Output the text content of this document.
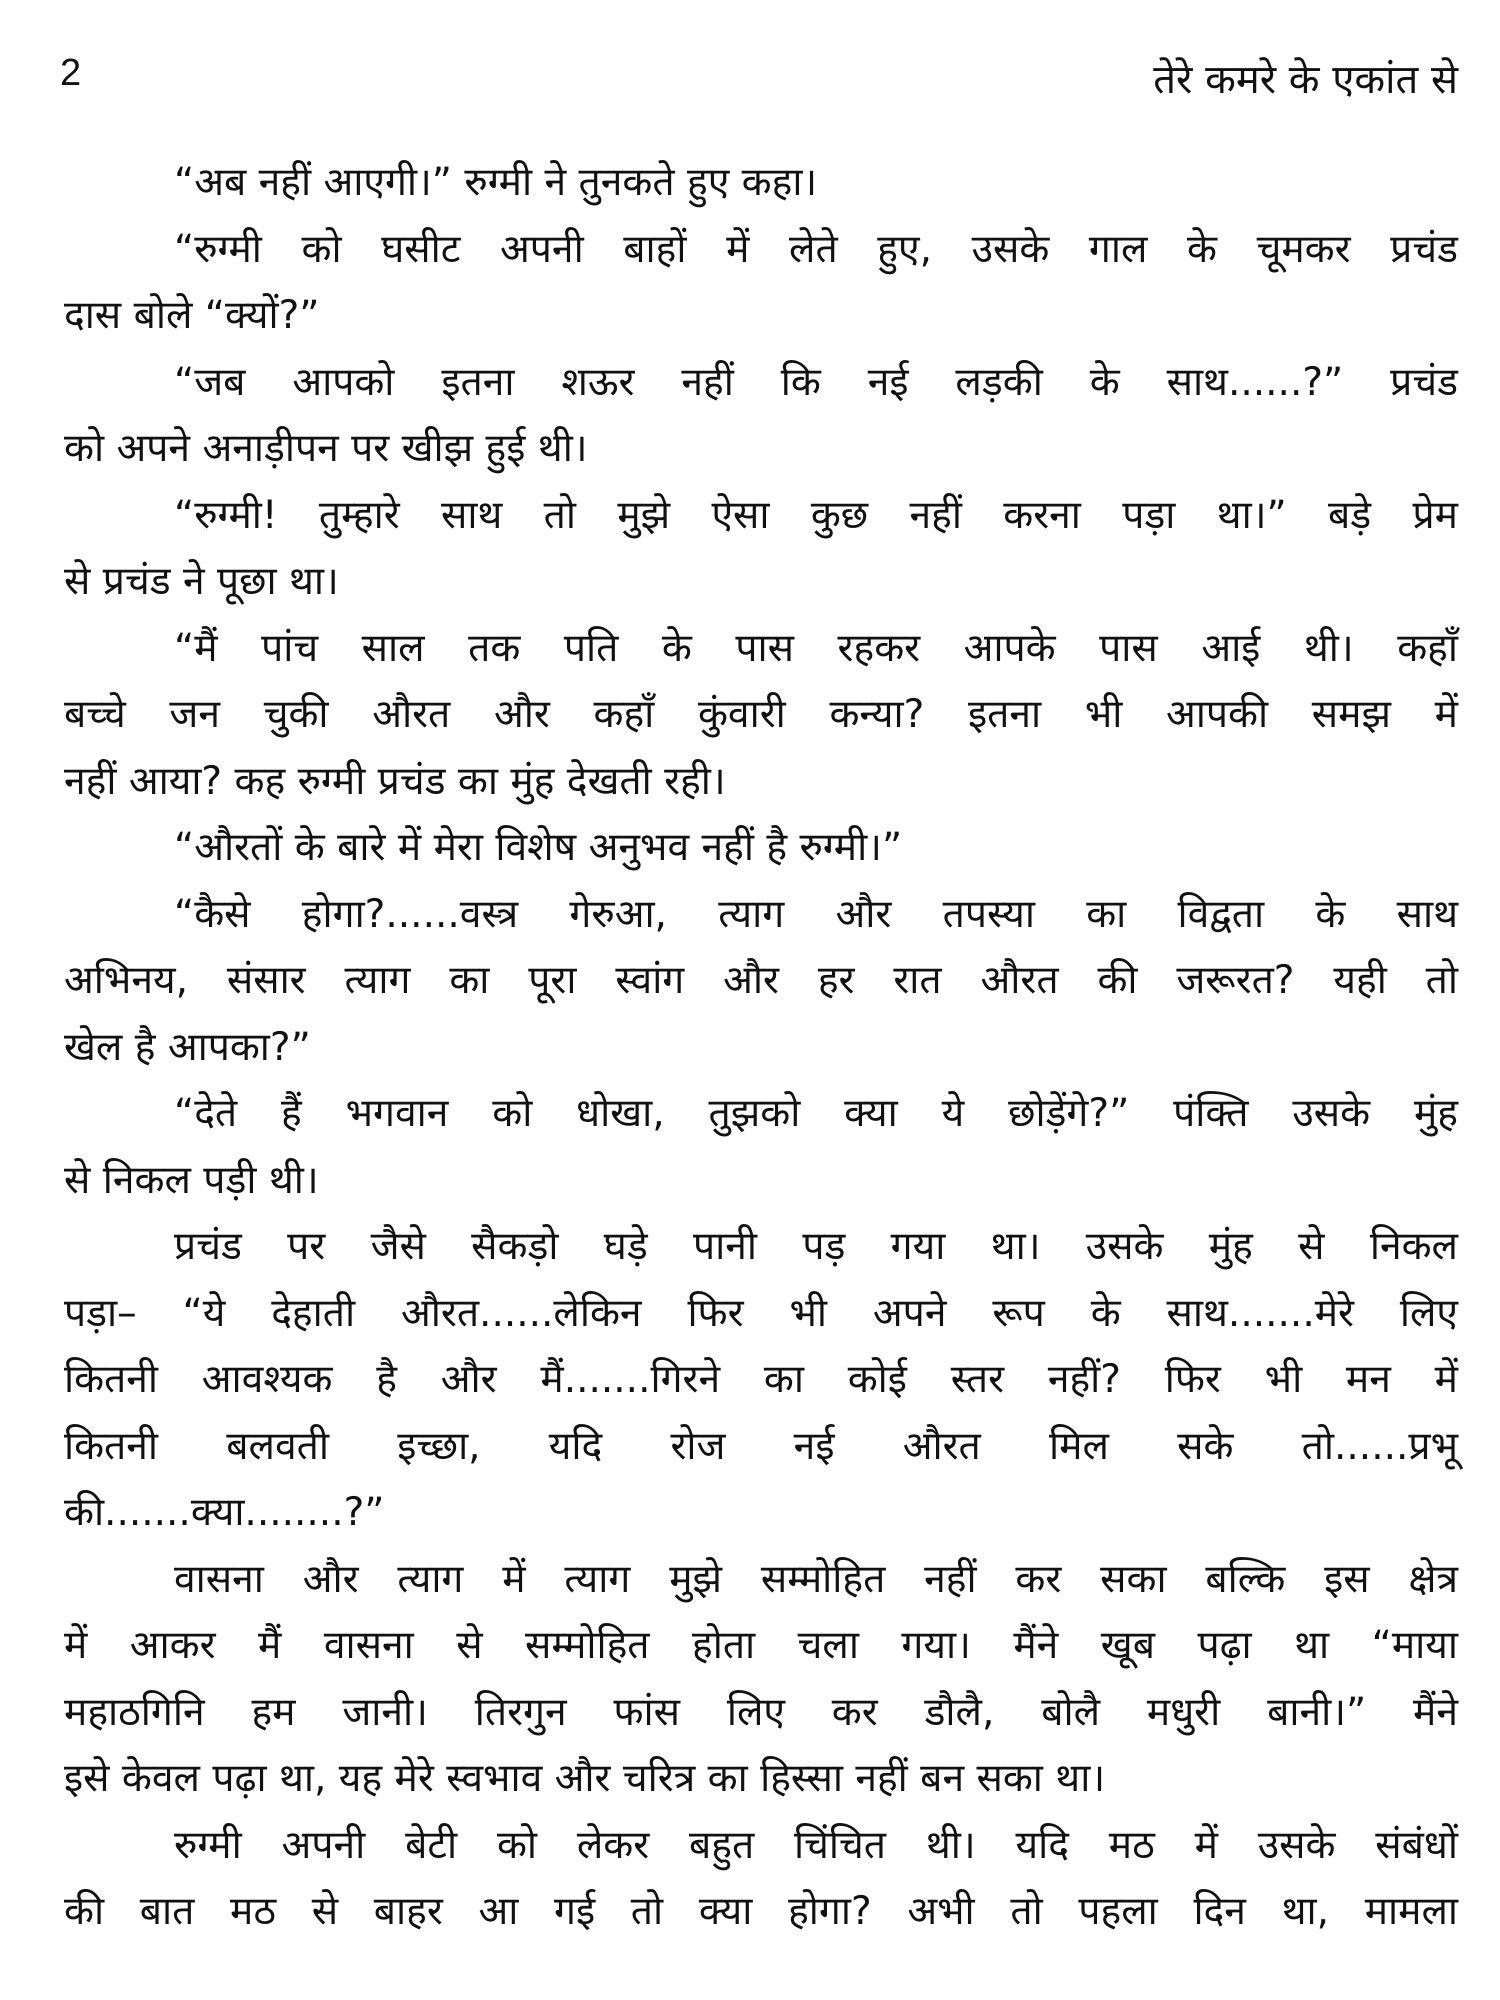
2	तेरे कमरे के एकांत से
“अब नहीं आएगी।” रुग्मी ने तुनकते हुए कहा।
“रुग्मी को घसीट अपनी बाहों में लेते हुए, उसके गाल के चूमकर प्रचंड
दास बोले “क्यों?”
“जब आपको इतना शऊर नहीं कि नई लड़की के साथ......?” प्रचंड
को अपने अनाड़ीपन पर खीझ हुई थी।
“रुग्मी! तुम्हारे साथ तो मुझे ऐसा कुछ नहीं करना पड़ा था।” बड़े प्रेम
से प्रचंड ने पूछा था।
“मैं पांच साल तक पति के पास रहकर आपके पास आई थी। कहाँ
बच्चे जन चुकी औरत और कहाँ कुंवारी कन्या? इतना भी आपकी समझ में
नहीं आया? कह रुग्मी प्रचंड का मुंह देखती रही।
“औरतों के बारे में मेरा विशेष अनुभव नहीं है रुग्मी।”
“कैसे होगा?......वस्त्र गेरुआ, त्याग और तपस्या का विद्वता के साथ
अभिनय, संसार त्याग का पूरा स्वांग और हर रात औरत की जरूरत? यही तो
खेल है आपका?”
“देते हैं भगवान को धोखा, तुझको क्या ये छोड़ेंगे?” पंक्ति उसके मुंह
से निकल पड़ी थी।
प्रचंड पर जैसे सैकड़ो घड़े पानी पड़ गया था। उसके मुंह से निकल
पड़ा– “ये देहाती औरत......लेकिन फिर भी अपने रूप के साथ.......मेरे लिए
कितनी आवश्यक है और मैं.......गिरने का कोई स्तर नहीं? फिर भी मन में
कितनी बलवती इच्छा, यदि रोज नई औरत मिल सके तो......प्रभू
की.......क्या........?”
वासना और त्याग में त्याग मुझे सम्मोहित नहीं कर सका बल्कि इस क्षेत्र
में आकर मैं वासना से सम्मोहित होता चला गया। मैंने खूब पढ़ा था “माया
महाठगिनि हम जानी। तिरगुन फांस लिए कर डौलै, बोलै मधुरी बानी।” मैंने
इसे केवल पढ़ा था, यह मेरे स्वभाव और चरित्र का हिस्सा नहीं बन सका था।
रुग्मी अपनी बेटी को लेकर बहुत चिंचित थी। यदि मठ में उसके संबंधों
की बात मठ से बाहर आ गई तो क्या होगा? अभी तो पहला दिन था, मामला
